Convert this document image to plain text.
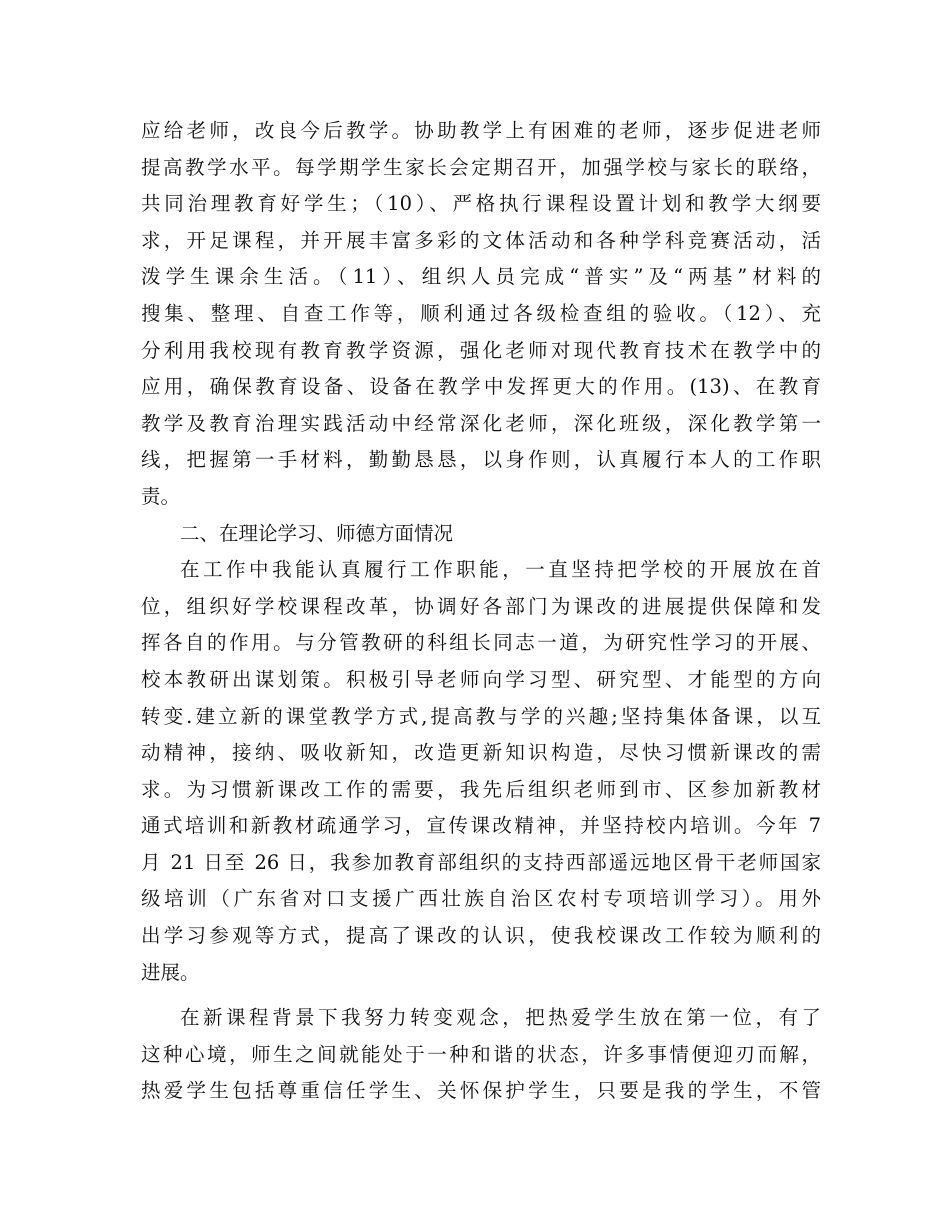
应给老师，改良今后教学。协助教学上有困难的老师，逐步促进老师
提高教学水平。每学期学生家长会定期召开，加强学校与家长的联络，
共同治理教育好学生；（10）、严格执行课程设置计划和教学大纲要
求，开足课程，并开展丰富多彩的文体活动和各种学科竞赛活动，活
泼学生课余生活。（11）、组织人员完成“普实”及“两基”材料的
搜集、整理、自查工作等，顺利通过各级检查组的验收。（12）、充
分利用我校现有教育教学资源，强化老师对现代教育技术在教学中的
应用，确保教育设备、设备在教学中发挥更大的作用。(13)、在教育
教学及教育治理实践活动中经常深化老师，深化班级，深化教学第一
线，把握第一手材料，勤勤恳恳，以身作则，认真履行本人的工作职
责。
二、在理论学习、师德方面情况
在工作中我能认真履行工作职能，一直坚持把学校的开展放在首
位，组织好学校课程改革，协调好各部门为课改的进展提供保障和发
挥各自的作用。与分管教研的科组长同志一道，为研究性学习的开展、
校本教研出谋划策。积极引导老师向学习型、研究型、才能型的方向
转变.建立新的课堂教学方式,提高教与学的兴趣;坚持集体备课，以互
动精神，接纳、吸收新知，改造更新知识构造，尽快习惯新课改的需
求。为习惯新课改工作的需要，我先后组织老师到市、区参加新教材
通式培训和新教材疏通学习，宣传课改精神，并坚持校内培训。今年 7
月 21 日至 26 日，我参加教育部组织的支持西部遥远地区骨干老师国家
级培训（广东省对口支援广西壮族自治区农村专项培训学习）。用外
出学习参观等方式，提高了课改的认识，使我校课改工作较为顺利的
进展。
在新课程背景下我努力转变观念，把热爱学生放在第一位，有了
这种心境，师生之间就能处于一种和谐的状态，许多事情便迎刃而解，
热爱学生包括尊重信任学生、关怀保护学生，只要是我的学生，不管
